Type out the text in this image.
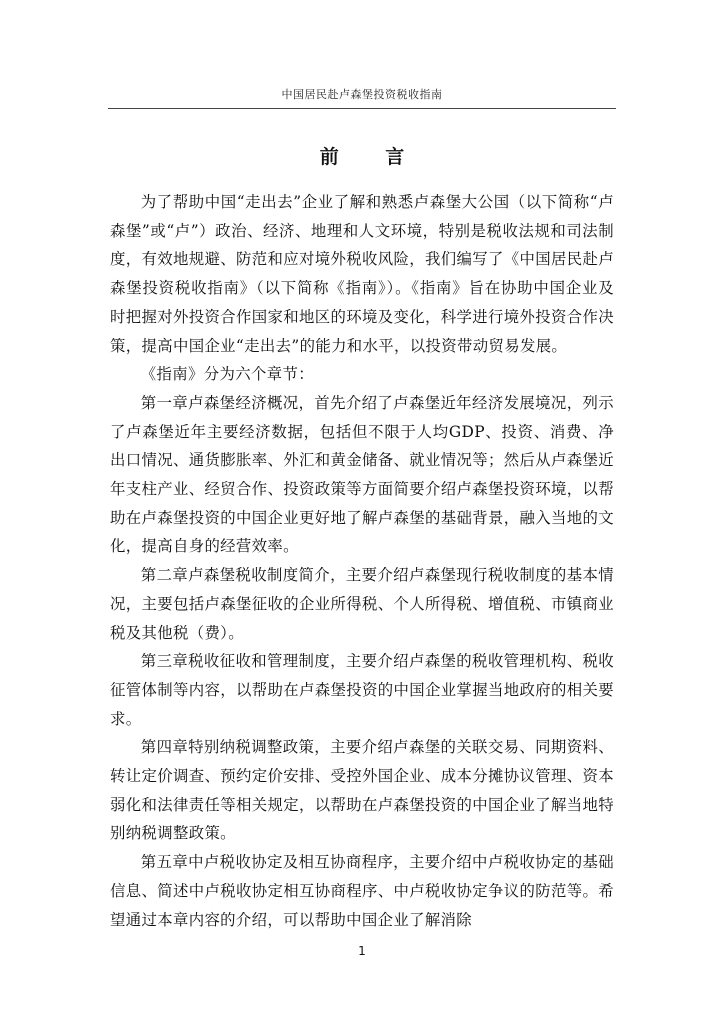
中国居民赴卢森堡投资税收指南
前 言

为了帮助中国“走出去”企业了解和熟悉卢森堡大公国（以下简称“卢森堡”或“卢”）政治、经济、地理和人文环境，特别是税收法规和司法制度，有效地规避、防范和应对境外税收风险，我们编写了《中国居民赴卢森堡投资税收指南》（以下简称《指南》）。《指南》旨在协助中国企业及时把握对外投资合作国家和地区的环境及变化，科学进行境外投资合作决策，提高中国企业“走出去”的能力和水平，以投资带动贸易发展。

《指南》分为六个章节：

第一章卢森堡经济概况，首先介绍了卢森堡近年经济发展境况，列示了卢森堡近年主要经济数据，包括但不限于人均GDP、投资、消费、净出口情况、通货膨胀率、外汇和黄金储备、就业情况等；然后从卢森堡近年支柱产业、经贸合作、投资政策等方面简要介绍卢森堡投资环境，以帮助在卢森堡投资的中国企业更好地了解卢森堡的基础背景，融入当地的文化，提高自身的经营效率。

第二章卢森堡税收制度简介，主要介绍卢森堡现行税收制度的基本情况，主要包括卢森堡征收的企业所得税、个人所得税、增值税、市镇商业税及其他税（费）。

第三章税收征收和管理制度，主要介绍卢森堡的税收管理机构、税收征管体制等内容，以帮助在卢森堡投资的中国企业掌握当地政府的相关要求。

第四章特别纳税调整政策，主要介绍卢森堡的关联交易、同期资料、转让定价调查、预约定价安排、受控外国企业、成本分摊协议管理、资本弱化和法律责任等相关规定，以帮助在卢森堡投资的中国企业了解当地特别纳税调整政策。

第五章中卢税收协定及相互协商程序，主要介绍中卢税收协定的基础信息、简述中卢税收协定相互协商程序、中卢税收协定争议的防范等。希望通过本章内容的介绍，可以帮助中国企业了解消除

1
